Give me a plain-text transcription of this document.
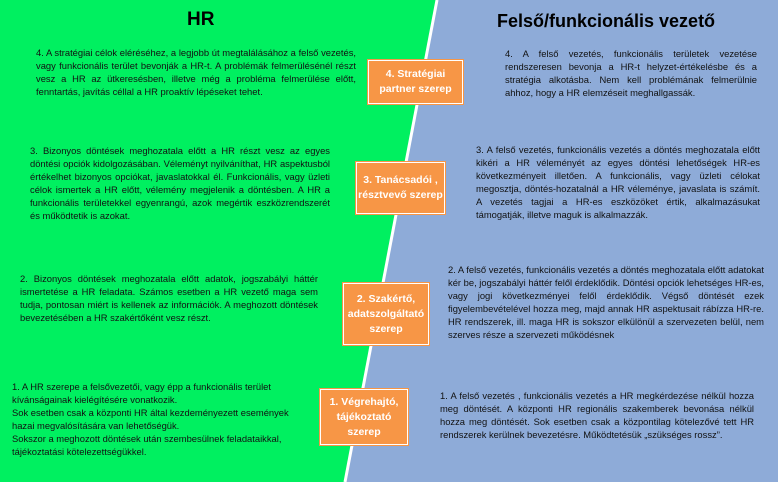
HR	Felső/funkcionális vezető

4. A stratégiai célok eléréséhez, a legjobb út megtalálásához a felső vezetés, vagy funkcionális terület bevonják a HR-t. A problémák felmerülésénél részt vesz a HR az ütkeresésben, illetve még a probléma felmerülése előtt, fenntartás, javítás céllal a HR proaktív lépéseket tehet.

4. Stratégiai partner szerep

4. A felső vezetés, funkcionális területek vezetése rendszeresen bevonja a HR-t helyzet-értékelésbe és a stratégia alkotásba. Nem kell problémának felmerülnie ahhoz, hogy a HR elemzéseit meghallgassák.

3. Bizonyos döntések meghozatala előtt a HR részt vesz az egyes döntési opciók kidolgozásában. Véleményt nyilváníthat, HR aspektusból értékelhet bizonyos opciókat, javaslatokkal él. Funkcionális, vagy üzleti célok ismertek a HR előtt, vélemény megjelenik a döntésben. A HR a funkcionális területekkel egyenrangú, azok megértik eszközrendszerét és működtetik is azokat.

3. Tanácsadói , résztvevő szerep

3. A felső vezetés, funkcionális vezetés a döntés meghozatala előtt kikéri a HR véleményét az egyes döntési lehetőségek HR-es következményeit illetően. A funkcionális, vagy üzleti célokat megosztja, döntés-hozatalnál a HR véleménye, javaslata is számít. A vezetés tagjai a HR-es eszközöket értik, alkalmazásukat támogatják, illetve maguk is alkalmazzák.

2. Bizonyos döntések meghozatala előtt adatok, jogszabályi háttér ismertetése a HR feladata. Számos esetben a HR vezető maga sem tudja, pontosan miért is kellenek az információk. A meghozott döntések bevezetésében a HR szakértőként vesz részt.

2. Szakértő, adatszolgáltató szerep

2. A felső vezetés, funkcionális vezetés a döntés meghozatala előtt adatokat kér be, jogszabályi háttér felől érdeklődik. Döntési opciók lehetséges HR-es, vagy jogi következményei felől érdeklődik. Végső döntését ezek figyelembevételével hozza meg, majd annak HR aspektusait rábízza HR-re. HR rendszerek, ill. maga HR is sokszor elkülönül a szervezeten belül, nem szerves része a szervezeti működésnek

1. A HR szerepe a felsővezetői, vagy épp a funkcionális terület kívánságainak kielégítésére vonatkozik.
Sok esetben csak a központi HR által kezdeményezett események hazai megvalósítására van lehetőségük.
Sokszor a meghozott döntések után szembesülnek feladataikkal, tájékoztatási kötelezettségükkel.

1. Végrehajtó, tájékoztató szerep

1. A felső vezetés , funkcionális vezetés a HR megkérdezése nélkül hozza meg döntését. A központi HR regionális szakemberek bevonása nélkül hozza meg döntését. Sok esetben csak a központilag kötelezővé tett HR rendszerek kerülnek bevezetésre. Működtetésük „szükséges rossz”.
